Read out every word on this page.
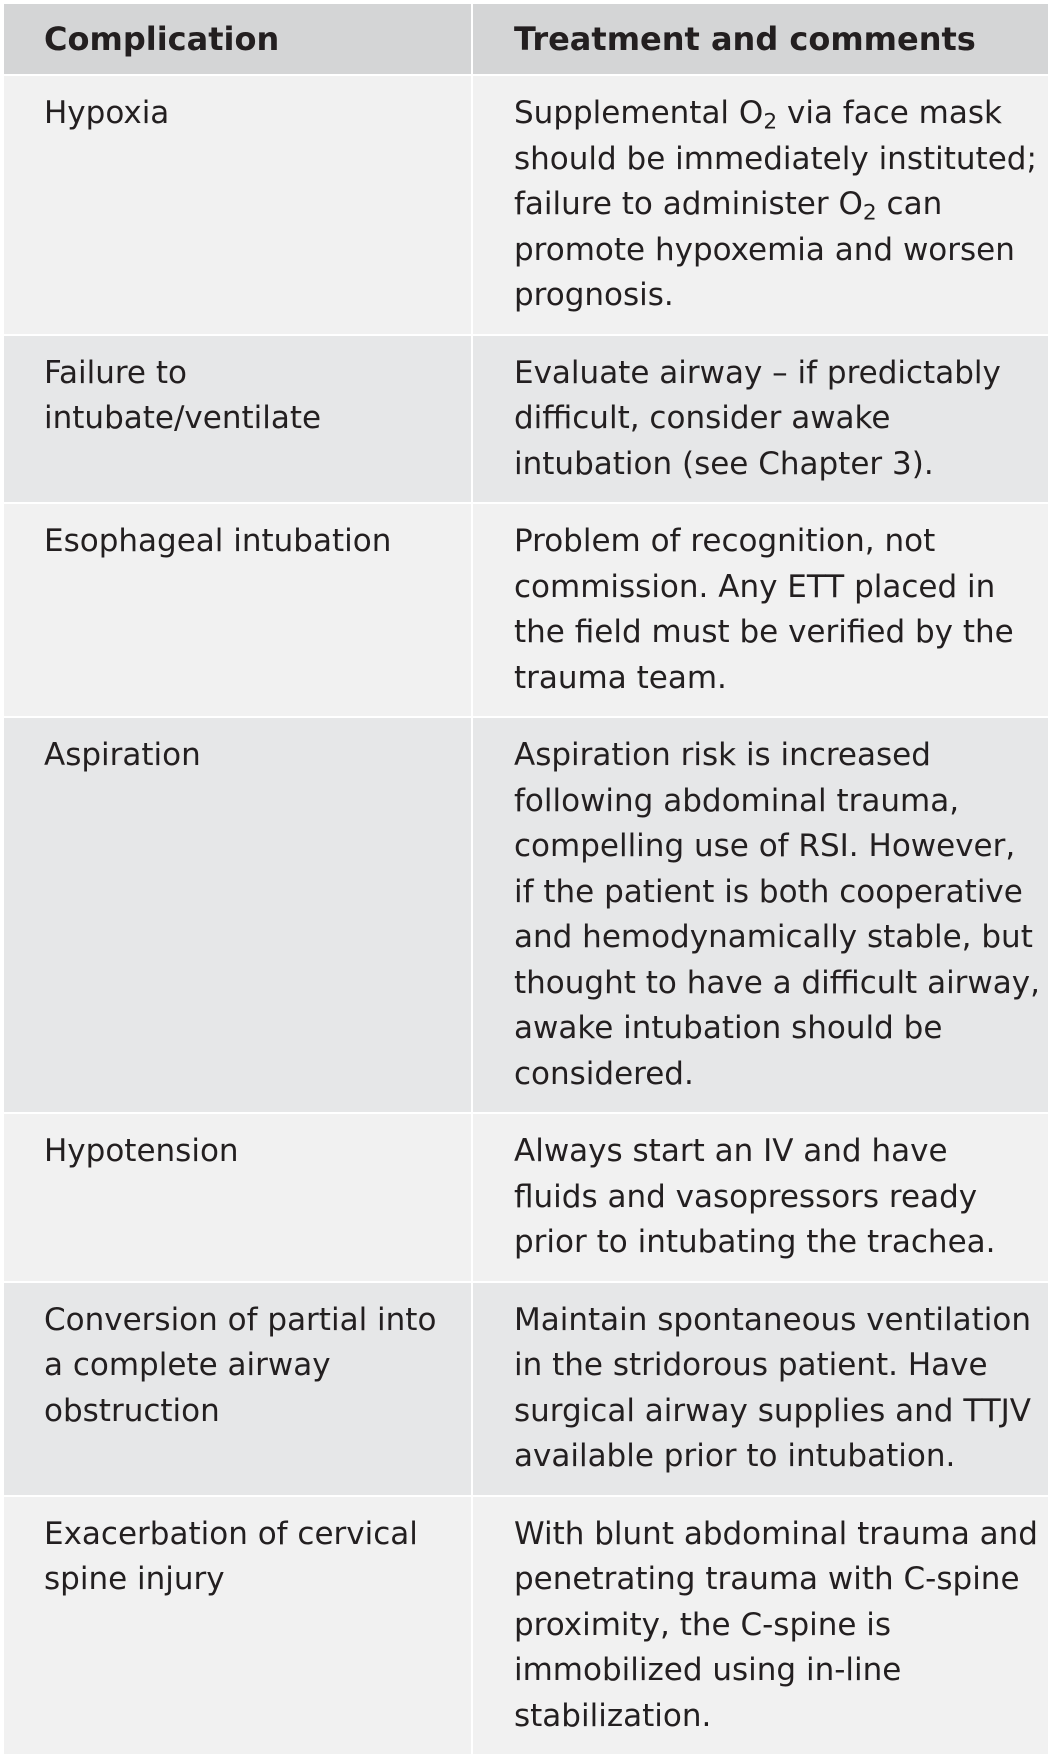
Complication	Treatment and comments

Hypoxia	Supplemental $O_2$ via face mask should be immediately instituted; failure to administer $O_2$ can promote hypoxemia and worsen prognosis.

Failure to intubate/ventilate	Evaluate airway – if predictably difficult, consider awake intubation (see Chapter 3).

Esophageal intubation	Problem of recognition, not commission. Any ETT placed in the field must be verified by the trauma team.

Aspiration	Aspiration risk is increased following abdominal trauma, compelling use of RSI. However, if the patient is both cooperative and hemodynamically stable, but thought to have a difficult airway, awake intubation should be considered.

Hypotension	Always start an IV and have fluids and vasopressors ready prior to intubating the trachea.

Conversion of partial into a complete airway obstruction	Maintain spontaneous ventilation in the stridorous patient. Have surgical airway supplies and TTJV available prior to intubation.

Exacerbation of cervical spine injury	With blunt abdominal trauma and penetrating trauma with C-spine proximity, the C-spine is immobilized using in-line stabilization.
